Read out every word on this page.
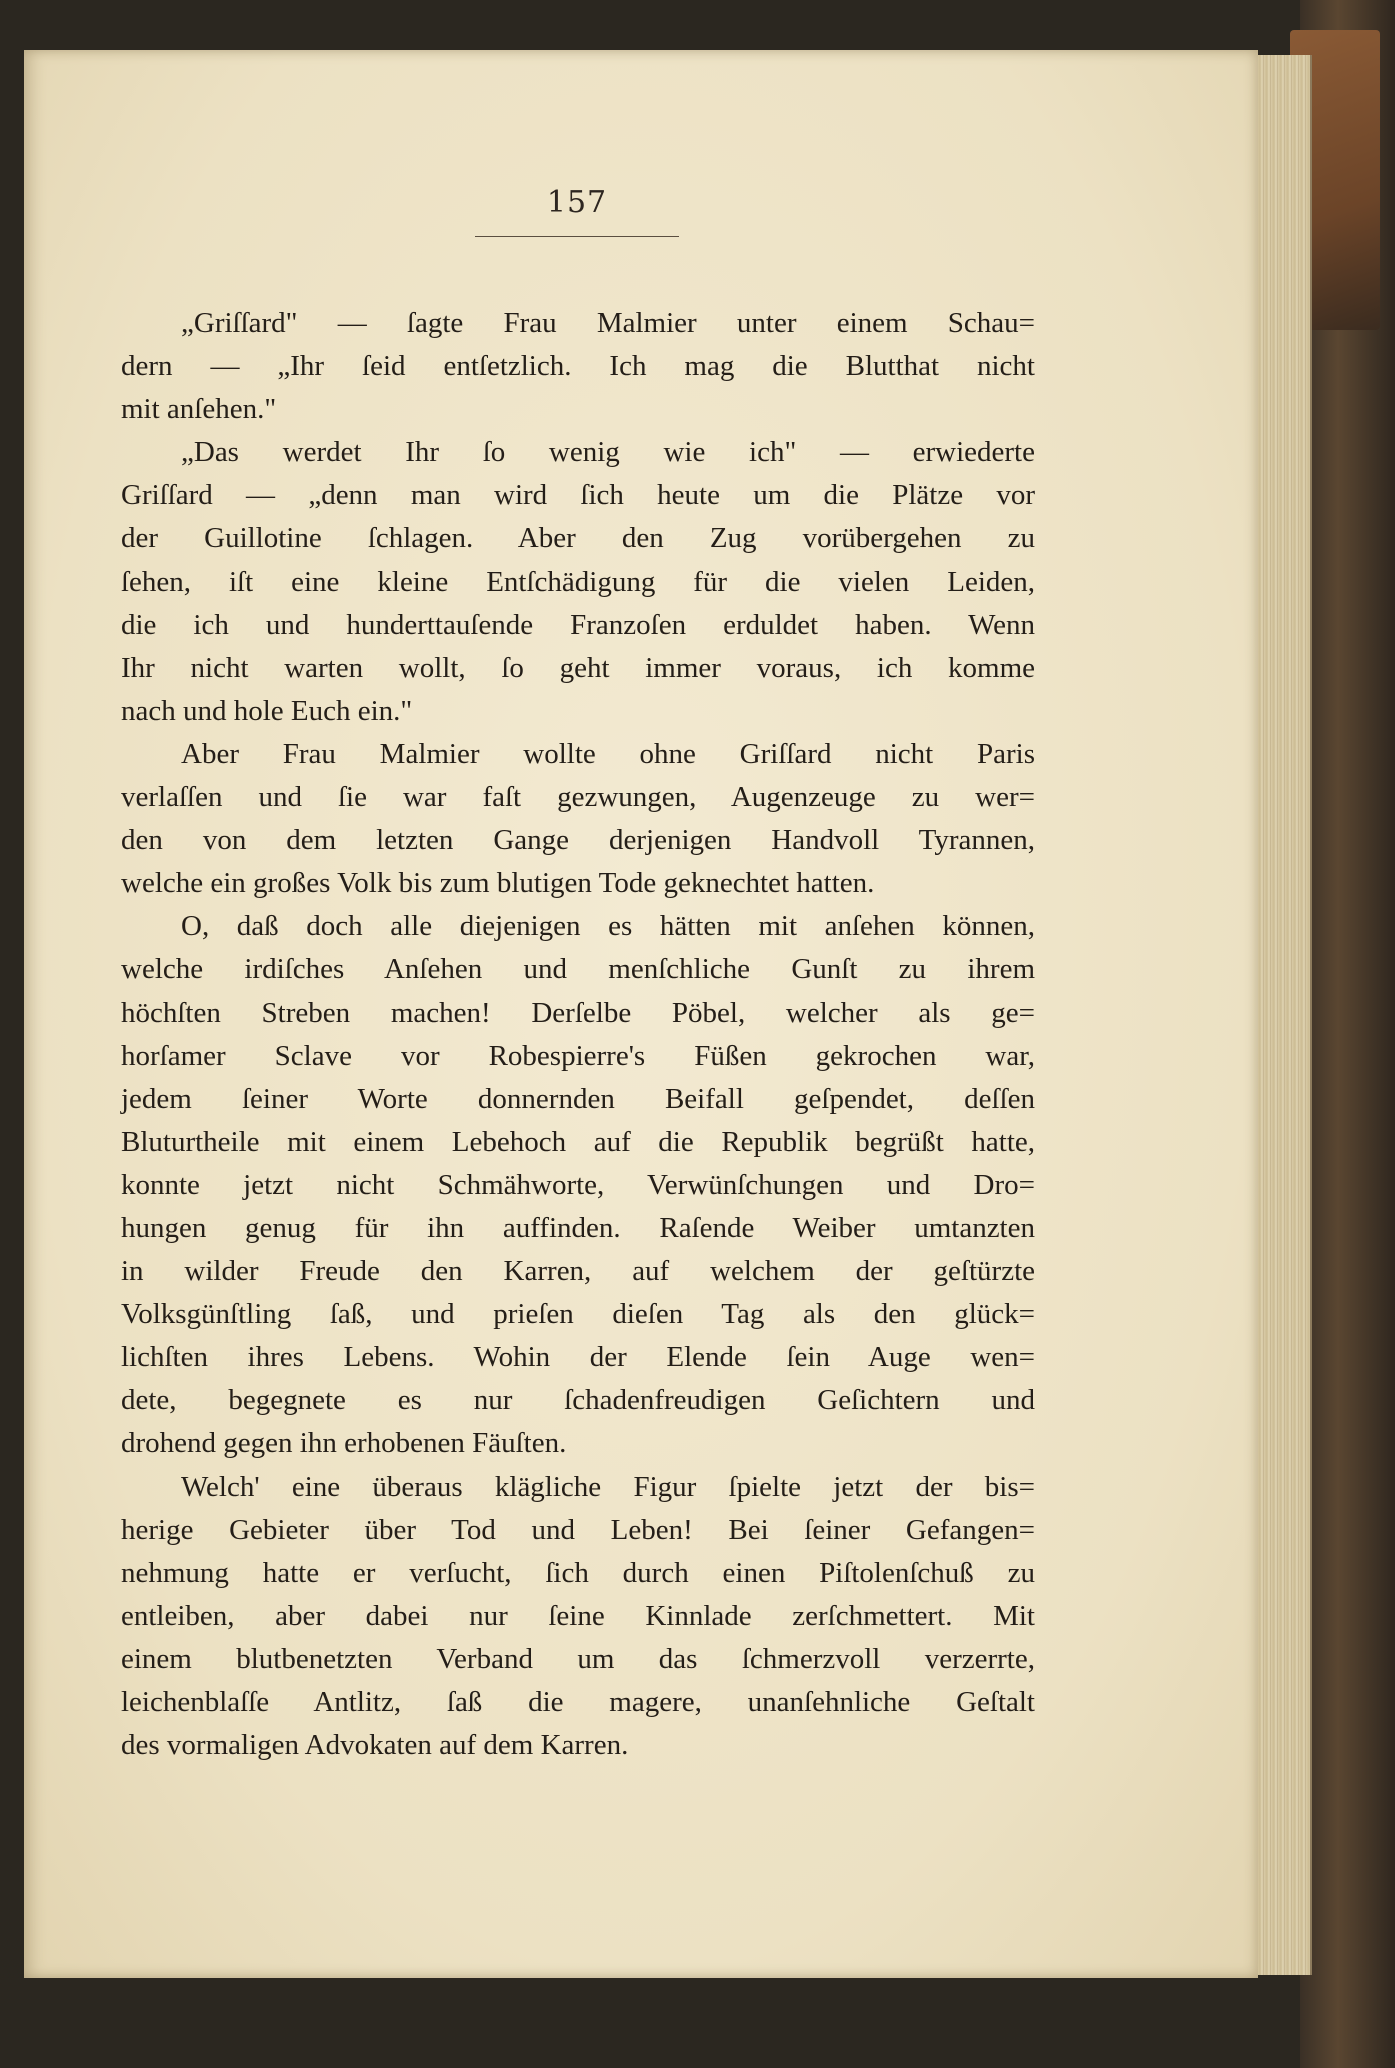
157
„Griſſard" — ſagte Frau Malmier unter einem Schau=
dern — „Ihr ſeid entſetzlich. Ich mag die Blutthat nicht
mit anſehen."
„Das werdet Ihr ſo wenig wie ich" — erwiederte
Griſſard — „denn man wird ſich heute um die Plätze vor
der Guillotine ſchlagen. Aber den Zug vorübergehen zu
ſehen, iſt eine kleine Entſchädigung für die vielen Leiden,
die ich und hunderttauſende Franzoſen erduldet haben. Wenn
Ihr nicht warten wollt, ſo geht immer voraus, ich komme
nach und hole Euch ein."
Aber Frau Malmier wollte ohne Griſſard nicht Paris
verlaſſen und ſie war faſt gezwungen, Augenzeuge zu wer=
den von dem letzten Gange derjenigen Handvoll Tyrannen,
welche ein großes Volk bis zum blutigen Tode geknechtet hatten.
O, daß doch alle diejenigen es hätten mit anſehen können,
welche irdiſches Anſehen und menſchliche Gunſt zu ihrem
höchſten Streben machen! Derſelbe Pöbel, welcher als ge=
horſamer Sclave vor Robespierre's Füßen gekrochen war,
jedem ſeiner Worte donnernden Beifall geſpendet, deſſen
Bluturtheile mit einem Lebehoch auf die Republik begrüßt hatte,
konnte jetzt nicht Schmähworte, Verwünſchungen und Dro=
hungen genug für ihn auffinden. Raſende Weiber umtanzten
in wilder Freude den Karren, auf welchem der geſtürzte
Volksgünſtling ſaß, und prieſen dieſen Tag als den glück=
lichſten ihres Lebens. Wohin der Elende ſein Auge wen=
dete, begegnete es nur ſchadenfreudigen Geſichtern und
drohend gegen ihn erhobenen Fäuſten.
Welch' eine überaus klägliche Figur ſpielte jetzt der bis=
herige Gebieter über Tod und Leben! Bei ſeiner Gefangen=
nehmung hatte er verſucht, ſich durch einen Piſtolenſchuß zu
entleiben, aber dabei nur ſeine Kinnlade zerſchmettert. Mit
einem blutbenetzten Verband um das ſchmerzvoll verzerrte,
leichenblaſſe Antlitz, ſaß die magere, unanſehnliche Geſtalt
des vormaligen Advokaten auf dem Karren.
